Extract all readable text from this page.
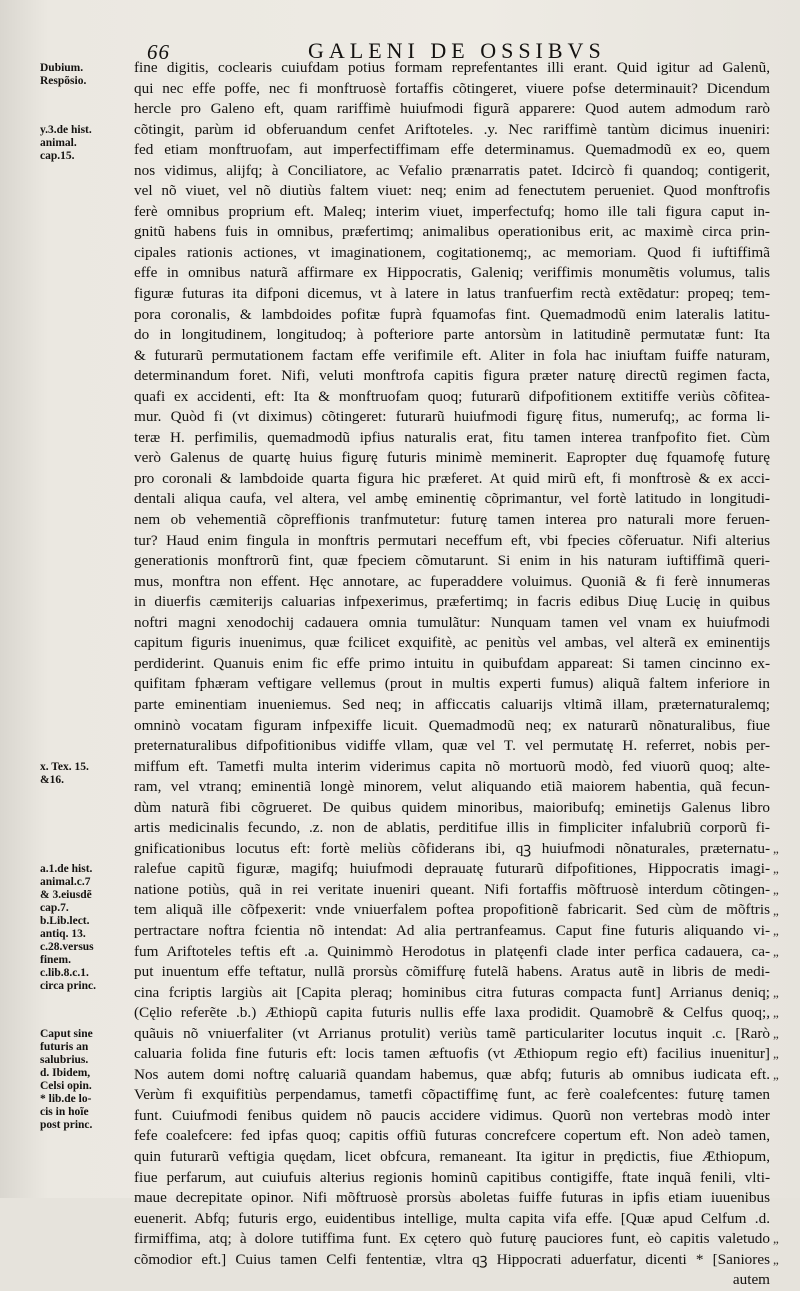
66	GALENI DE OSSIBVS
Dubium.
Respõsio.
y.3.de hist.
animal.
cap.15.
x. Tex. 15.
&16.
a.1.de hist.
animal.c.7
& 3.eiusdẽ
cap.7.
b.Lib.lect.
antiq. 13.
c.28.versus
finem.
c.lib.8.c.1.
circa princ.
Caput sine
futuris an
salubrius.
d. Ibidem,
Celsi opin.
* lib.de lo-
cis in hoĩe
post princ.
fine digitis, coclearis cuiufdam potius formam reprefentantes illi erant. Quid igitur ad Galenũ,
qui nec effe poffe, nec fi monftruosè fortaffis cõtingeret, viuere pofse determinauit? Dicendum
hercle pro Galeno eft, quam rariffimè huiufmodi figurã apparere: Quod autem admodum rarò
cõtingit, parùm id obferuandum cenfet Ariftoteles. .y. Nec rariffimè tantùm dicimus inueniri:
fed etiam monftruofam, aut imperfectiffimam effe determinamus. Quemadmodũ ex eo, quem
nos vidimus, alijfq; à Conciliatore, ac Vefalio prænarratis patet. Idcircò fi quandoq; contigerit,
vel nõ viuet, vel nõ diutiùs faltem viuet: neq; enim ad fenectutem perueniet. Quod monftrofis
ferè omnibus proprium eft. Maleq; interim viuet, imperfectufq; homo ille tali figura caput in-
gnitũ habens fuis in omnibus, præfertimq; animalibus operationibus erit, ac maximè circa prin-
cipales rationis actiones, vt imaginationem, cogitationemq;, ac memoriam. Quod fi iuftiffimã
effe in omnibus naturã affirmare ex Hippocratis, Galeniq; veriffimis monumẽtis volumus, talis
figuræ futuras ita difponi dicemus, vt à latere in latus tranfuerfim rectà extẽdatur: propeq; tem-
pora coronalis, & lambdoides pofitæ fuprà fquamofas fint. Quemadmodũ enim lateralis latitu-
do in longitudinem, longitudoq; à pofteriore parte antorsùm in latitudinẽ permutatæ funt: Ita
& futurarũ permutationem factam effe verifimile eft. Aliter in fola hac iniuftam fuiffe naturam,
determinandum foret. Nifi, veluti monftrofa capitis figura præter naturę directũ regimen facta,
quafi ex accidenti, eft: Ita & monftruofam quoq; futurarũ difpofitionem extitiffe veriùs cõfitea-
mur. Quòd fi (vt diximus) cõtingeret: futurarũ huiufmodi figurę fitus, numerufq;, ac forma li-
teræ H. perfimilis, quemadmodũ ipfius naturalis erat, fitu tamen interea tranfpofito fiet. Cùm
verò Galenus de quartę huius figurę futuris minimè meminerit. Eapropter duę fquamofę futurę
pro coronali & lambdoide quarta figura hic præferet. At quid mirũ eft, fi monftrosè & ex acci-
dentali aliqua caufa, vel altera, vel ambę eminentię cõprimantur, vel fortè latitudo in longitudi-
nem ob vehementiã cõpreffionis tranfmutetur: futurę tamen interea pro naturali more feruen-
tur? Haud enim fingula in monftris permutari neceffum eft, vbi fpecies cõferuatur. Nifi alterius
generationis monftrorũ fint, quæ fpeciem cõmutarunt. Si enim in his naturam iuftiffimã queri-
mus, monftra non effent. Hęc annotare, ac fuperaddere voluimus. Quoniã & fi ferè innumeras
in diuerfis cæmiterijs caluarias infpexerimus, præfertimq; in facris edibus Diuę Lucię in quibus
noftri magni xenodochij cadauera omnia tumulãtur: Nunquam tamen vel vnam ex huiufmodi
capitum figuris inuenimus, quæ fcilicet exquifitè, ac penitùs vel ambas, vel alterã ex eminentijs
perdiderint. Quanuis enim fic effe primo intuitu in quibufdam appareat: Si tamen cincinno ex-
quifitam fphæram veftigare vellemus (prout in multis experti fumus) aliquã faltem inferiore in
parte eminentiam inueniemus. Sed neq; in afficcatis caluarijs vltimã illam, præternaturalemq;
omninò vocatam figuram infpexiffe licuit. Quemadmodũ neq; ex naturarũ nõnaturalibus, fiue
preternaturalibus difpofitionibus vidiffe vllam, quæ vel T. vel permutatę H. referret, nobis per-
miffum eft. Tametfi multa interim viderimus capita nõ mortuorũ modò, fed viuorũ quoq; alte-
ram, vel vtranq; eminentiã longè minorem, velut aliquando etiã maiorem habentia, quã fecun-
dùm naturã fibi cõgrueret. De quibus quidem minoribus, maioribufq; eminetijs Galenus libro
artis medicinalis fecundo, .z. non de ablatis, perditifue illis in fimpliciter infalubriũ corporũ fi-
gnificationibus locutus eft: fortè meliùs cõfiderans ibi, qꝫ huiufmodi nõnaturales, præternatu-
ralefue capitũ figuræ, magifq; huiufmodi deprauatę futurarũ difpofitiones, Hippocratis imagi-
natione potiùs, quã in rei veritate inueniri queant. Nifi fortaffis mõftruosè interdum cõtingen-
tem aliquã ille cõfpexerit: vnde vniuerfalem poftea propofitionẽ fabricarit. Sed cùm de mõftris
pertractare noftra fcientia nõ intendat: Ad alia pertranfeamus. Caput fine futuris aliquando vi-
fum Ariftoteles teftis eft .a. Quinimmò Herodotus in platęenfi clade inter perfica cadauera, ca-
put inuentum effe teftatur, nullã prorsùs cõmiffurę futelã habens. Aratus autẽ in libris de medi-
cina fcriptis largiùs ait [Capita pleraq; hominibus citra futuras compacta funt] Arrianus deniq;
(Cęlio referẽte .b.) Æthiopũ capita futuris nullis effe laxa prodidit. Quamobrẽ & Celfus quoq;,
quãuis nõ vniuerfaliter (vt Arrianus protulit) veriùs tamẽ particulariter locutus inquit .c. [Rarò
caluaria folida fine futuris eft: locis tamen æftuofis (vt Æthiopum regio eft) facilius inuenitur]
Nos autem domi noftrę caluariã quandam habemus, quæ abfq; futuris ab omnibus iudicata eft.
Verùm fi exquifitiùs perpendamus, tametfi cõpactiffimę funt, ac ferè coalefcentes: futurę tamen
funt. Cuiufmodi fenibus quidem nõ paucis accidere vidimus. Quorũ non vertebras modò inter
fefe coalefcere: fed ipfas quoq; capitis offiũ futuras concrefcere copertum eft. Non adeò tamen,
quin futurarũ veftigia quędam, licet obfcura, remaneant. Ita igitur in prędictis, fiue Æthiopum,
fiue perfarum, aut cuiufuis alterius regionis hominũ capitibus contigiffe, ftate inquã fenili, vlti-
maue decrepitate opinor. Nifi mõftruosè prorsùs aboletas fuiffe futuras in ipfis etiam iuuenibus
euenerit. Abfq; futuris ergo, euidentibus intellige, multa capita vifa effe. [Quæ apud Celfum .d.
firmiffima, atq; à dolore tutiffima funt. Ex cętero quò futurę pauciores funt, eò capitis valetudo
cõmodior eft.] Cuius tamen Celfi fententiæ, vltra qꝫ Hippocrati aduerfatur, dicenti * [Saniores
autem
„
„
„
„
„
„
„
„
„
„
„
„
„
